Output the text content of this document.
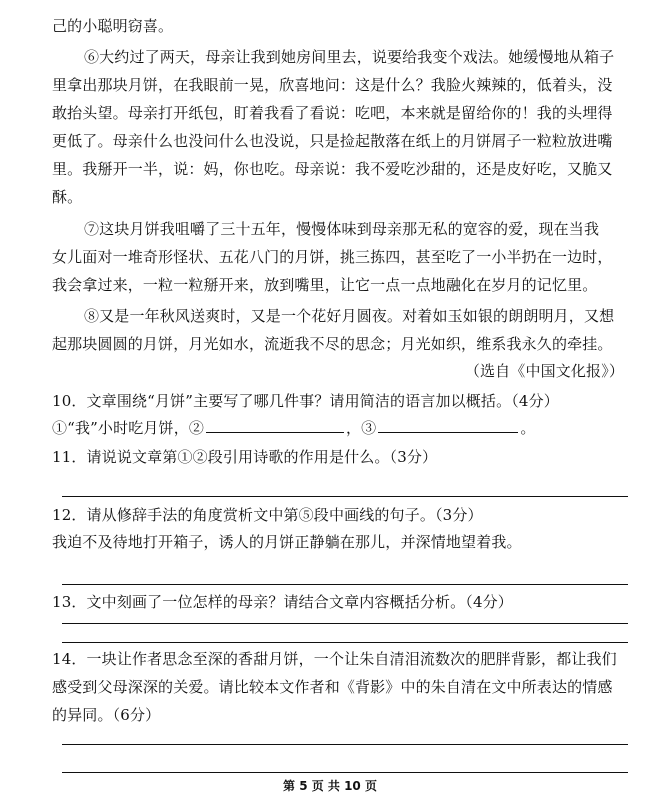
己的小聪明窃喜。
⑥大约过了两天，母亲让我到她房间里去，说要给我变个戏法。她缓慢地从箱子
里拿出那块月饼，在我眼前一晃，欣喜地问：这是什么？我脸火辣辣的，低着头，没
敢抬头望。母亲打开纸包，盯着我看了看说：吃吧，本来就是留给你的！我的头埋得
更低了。母亲什么也没问什么也没说，只是捡起散落在纸上的月饼屑子一粒粒放进嘴
里。我掰开一半，说：妈，你也吃。母亲说：我不爱吃沙甜的，还是皮好吃，又脆又
酥。
⑦这块月饼我咀嚼了三十五年，慢慢体味到母亲那无私的宽容的爱，现在当我
女儿面对一堆奇形怪状、五花八门的月饼，挑三拣四，甚至吃了一小半扔在一边时，
我会拿过来，一粒一粒掰开来，放到嘴里，让它一点一点地融化在岁月的记忆里。
⑧又是一年秋风送爽时，又是一个花好月圆夜。对着如玉如银的朗朗明月，又想
起那块圆圆的月饼，月光如水，流逝我不尽的思念；月光如织，维系我永久的牵挂。
（选自《中国文化报》）
10．文章围绕“月饼”主要写了哪几件事？请用简洁的语言加以概括。（4分）
①“我”小时吃月饼，②	，③	。
11．请说说文章第①②段引用诗歌的作用是什么。（3分）
12．请从修辞手法的角度赏析文中第⑤段中画线的句子。（3分）
我迫不及待地打开箱子，诱人的月饼正静躺在那儿，并深情地望着我。
13．文中刻画了一位怎样的母亲？请结合文章内容概括分析。（4分）
14．一块让作者思念至深的香甜月饼，一个让朱自清泪流数次的肥胖背影，都让我们
感受到父母深深的关爱。请比较本文作者和《背影》中的朱自清在文中所表达的情感
的异同。（6分）
第 5 页 共 10 页
